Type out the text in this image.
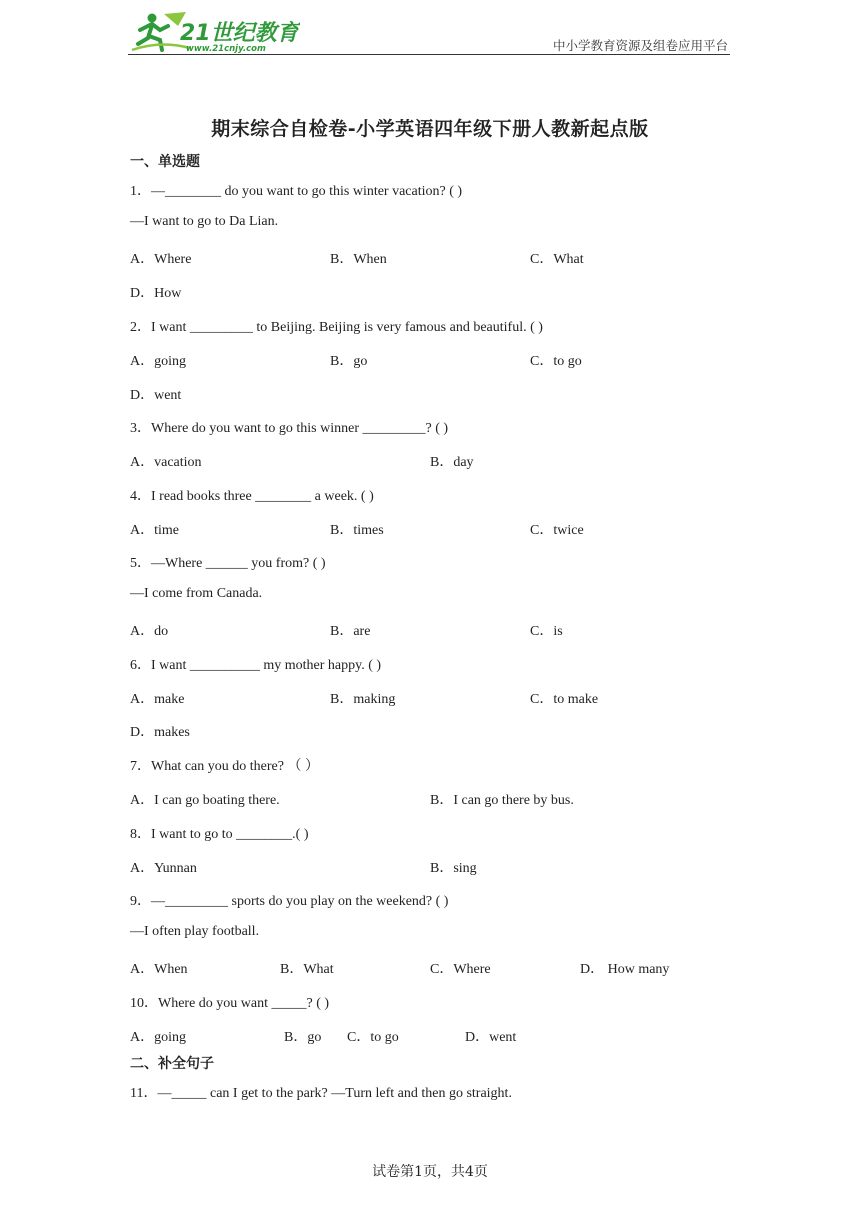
21世纪教育
www.21cnjy.com	中小学教育资源及组卷应用平台
期末综合自检卷-小学英语四年级下册人教新起点版
一、单选题
1．—________ do you want to go this winter vacation? ( )
—I want to go to Da Lian.
A．Where	B．When	C．What
D．How
2．I want _________ to Beijing. Beijing is very famous and beautiful. ( )
A．going	B．go	C．to go
D．went
3．Where do you want to go this winner _________? ( )
A．vacation	B．day
4．I read books three ________ a week. ( )
A．time	B．times	C．twice
5．—Where ______ you from? ( )
—I come from Canada.
A．do	B．are	C．is
6．I want __________ my mother happy. ( )
A．make	B．making	C．to make
D．makes
7．What can you do there? （ ）
A．I can go boating there.	B．I can go there by bus.
8．I want to go to ________.( )
A．Yunnan	B．sing
9．—_________ sports do you play on the weekend? ( )
—I often play football.
A．When	B．What	C．Where	D． How many
10．Where do you want _____? ( )
A．going	B．go C．to go	D．went
二、补全句子
11．—_____ can I get to the park? —Turn left and then go straight.
试卷第1页，共4页
